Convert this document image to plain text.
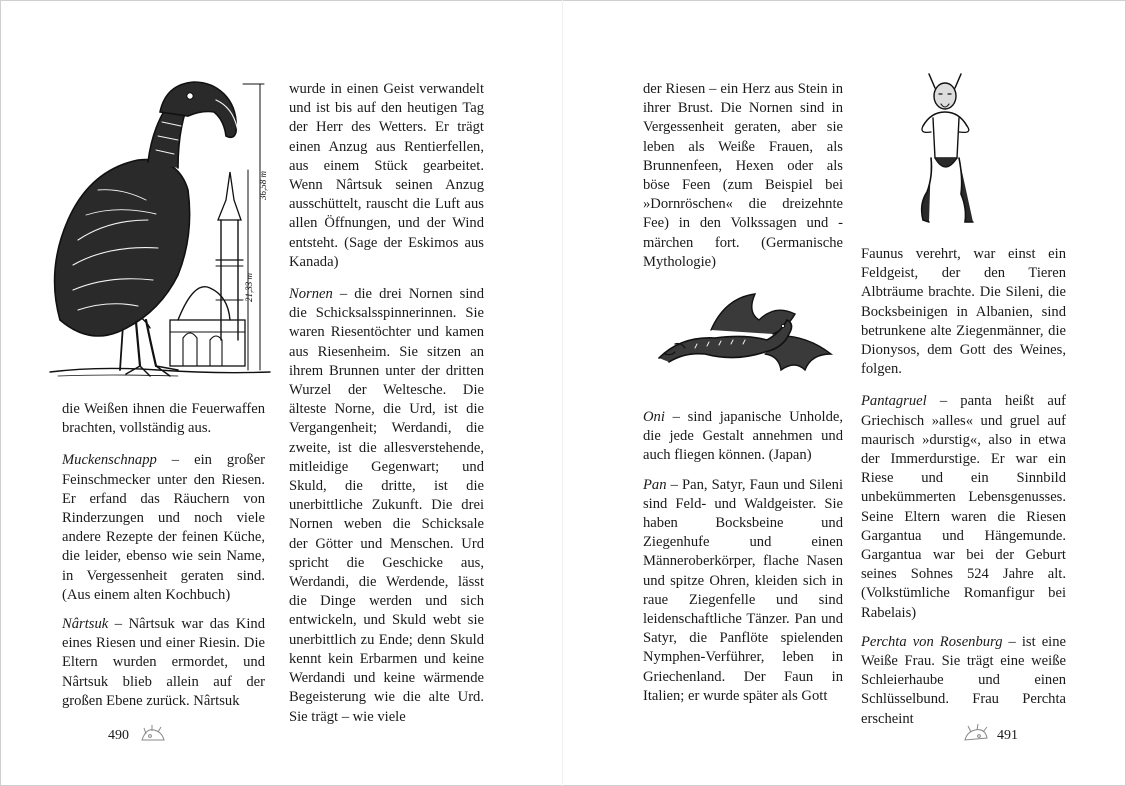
36,58 m
21,33 m

die Weißen ihnen die Feuerwaffen brachten, vollständig aus.

Muckenschnapp – ein großer Feinschmecker unter den Riesen. Er erfand das Räuchern von Rinderzungen und noch viele andere Rezepte der feinen Küche, die leider, ebenso wie sein Name, in Vergessenheit geraten sind. (Aus einem alten Kochbuch)

Nârtsuk – Nârtsuk war das Kind eines Riesen und einer Riesin. Die Eltern wurden ermordet, und Nârtsuk blieb allein auf der großen Ebene zurück. Nârtsuk

wurde in einen Geist verwandelt und ist bis auf den heutigen Tag der Herr des Wetters. Er trägt einen Anzug aus Rentierfellen, aus einem Stück gearbeitet. Wenn Nârtsuk seinen Anzug ausschüttelt, rauscht die Luft aus allen Öffnungen, und der Wind entsteht. (Sage der Eskimos aus Kanada)

Nornen – die drei Nornen sind die Schicksalsspinnerinnen. Sie waren Riesentöchter und kamen aus Riesenheim. Sie sitzen an ihrem Brunnen unter der dritten Wurzel der Weltesche. Die älteste Norne, die Urd, ist die Vergangenheit; Werdandi, die zweite, ist die allesverstehende, mitleidige Gegenwart; und Skuld, die dritte, ist die unerbittliche Zukunft. Die drei Nornen weben die Schicksale der Götter und Menschen. Urd spricht die Geschicke aus, Werdandi, die Werdende, lässt die Dinge werden und sich entwickeln, und Skuld webt sie unerbittlich zu Ende; denn Skuld kennt kein Erbarmen und keine Werdandi und keine wärmende Begeisterung wie die alte Urd. Sie trägt – wie viele

490

der Riesen – ein Herz aus Stein in ihrer Brust. Die Nornen sind in Vergessenheit geraten, aber sie leben als Weiße Frauen, als Brunnenfeen, Hexen oder als böse Feen (zum Beispiel bei »Dornröschen« die dreizehnte Fee) in den Volkssagen und -märchen fort. (Germanische Mythologie)

Oni – sind japanische Unholde, die jede Gestalt annehmen und auch fliegen können. (Japan)

Pan – Pan, Satyr, Faun und Sileni sind Feld- und Waldgeister. Sie haben Bocksbeine und Ziegenhufe und einen Männeroberkörper, flache Nasen und spitze Ohren, kleiden sich in raue Ziegenfelle und sind leidenschaftliche Tänzer. Pan und Satyr, die Panflöte spielenden Nymphen-Verführer, leben in Griechenland. Der Faun in Italien; er wurde später als Gott

Faunus verehrt, war einst ein Feldgeist, der den Tieren Albträume brachte. Die Sileni, die Bocksbeinigen in Albanien, sind betrunkene alte Ziegenmänner, die Dionysos, dem Gott des Weines, folgen.

Pantagruel – panta heißt auf Griechisch »alles« und gruel auf maurisch »durstig«, also in etwa der Immerdurstige. Er war ein Riese und ein Sinnbild unbekümmerten Lebensgenusses. Seine Eltern waren die Riesen Gargantua und Hängemunde. Gargantua war bei der Geburt seines Sohnes 524 Jahre alt. (Volkstümliche Romanfigur bei Rabelais)

Perchta von Rosenburg – ist eine Weiße Frau. Sie trägt eine weiße Schleierhaube und einen Schlüsselbund. Frau Perchta erscheint

491
